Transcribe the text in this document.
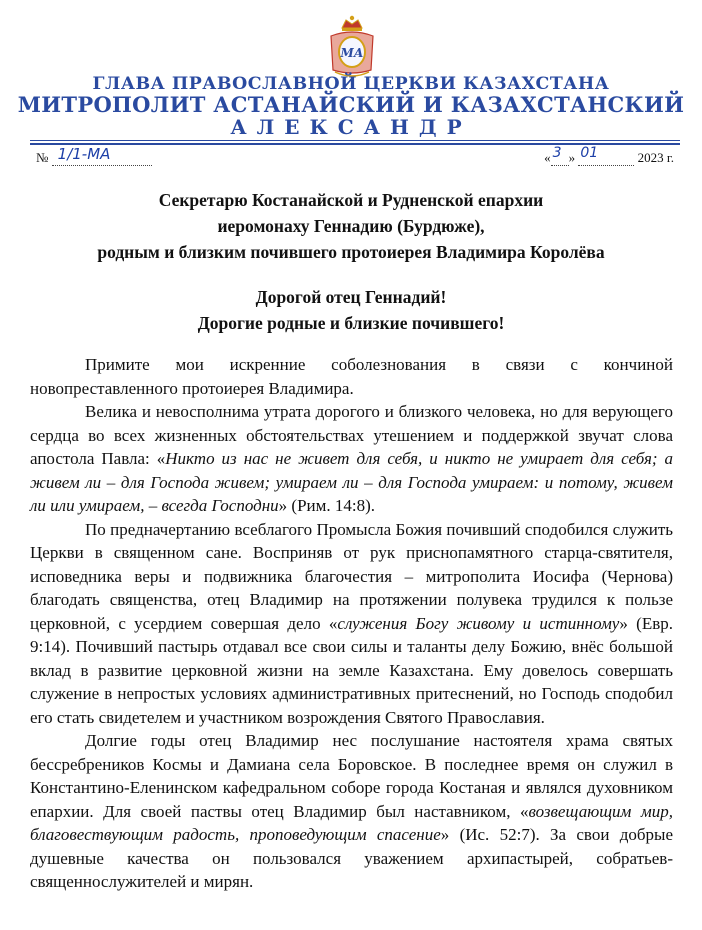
МА
ГЛАВА ПРАВОСЛАВНОЙ ЦЕРКВИ КАЗАХСТАНА
МИТРОПОЛИТ АСТАНАЙСКИЙ И КАЗАХСТАНСКИЙ
АЛЕКСАНДР
№ 1/1-МА	« 3 » 01	2023 г.
Секретарю Костанайской и Рудненской епархии
иеромонаху Геннадию (Бурдюже),
родным и близким почившего протоиерея Владимира Королёва
Дорогой отец Геннадий!
Дорогие родные и близкие почившего!

Примите мои искренние соболезнования в связи с кончиной новопреставленного протоиерея Владимира.

Велика и невосполнима утрата дорогого и близкого человека, но для верующего сердца во всех жизненных обстоятельствах утешением и поддержкой звучат слова апостола Павла: «Никто из нас не живет для себя, и никто не умирает для себя; а живем ли – для Господа живем; умираем ли – для Господа умираем: и потому, живем ли или умираем, – всегда Господни» (Рим. 14:8).

По предначертанию всеблагого Промысла Божия почивший сподобился служить Церкви в священном сане. Восприняв от рук приснопамятного старца-святителя, исповедника веры и подвижника благочестия – митрополита Иосифа (Чернова) благодать священства, отец Владимир на протяжении полувека трудился к пользе церковной, с усердием совершая дело «служения Богу живому и истинному» (Евр. 9:14). Почивший пастырь отдавал все свои силы и таланты делу Божию, внёс большой вклад в развитие церковной жизни на земле Казахстана. Ему довелось совершать служение в непростых условиях административных притеснений, но Господь сподобил его стать свидетелем и участником возрождения Святого Православия.

Долгие годы отец Владимир нес послушание настоятеля храма святых бессребреников Космы и Дамиана села Боровское. В последнее время он служил в Константино-Еленинском кафедральном соборе города Костаная и являлся духовником епархии. Для своей паствы отец Владимир был наставником, «возвещающим мир, благовествующим радость, проповедующим спасение» (Ис. 52:7). За свои добрые душевные качества он пользовался уважением архипастырей, собратьев-священнослужителей и мирян.
